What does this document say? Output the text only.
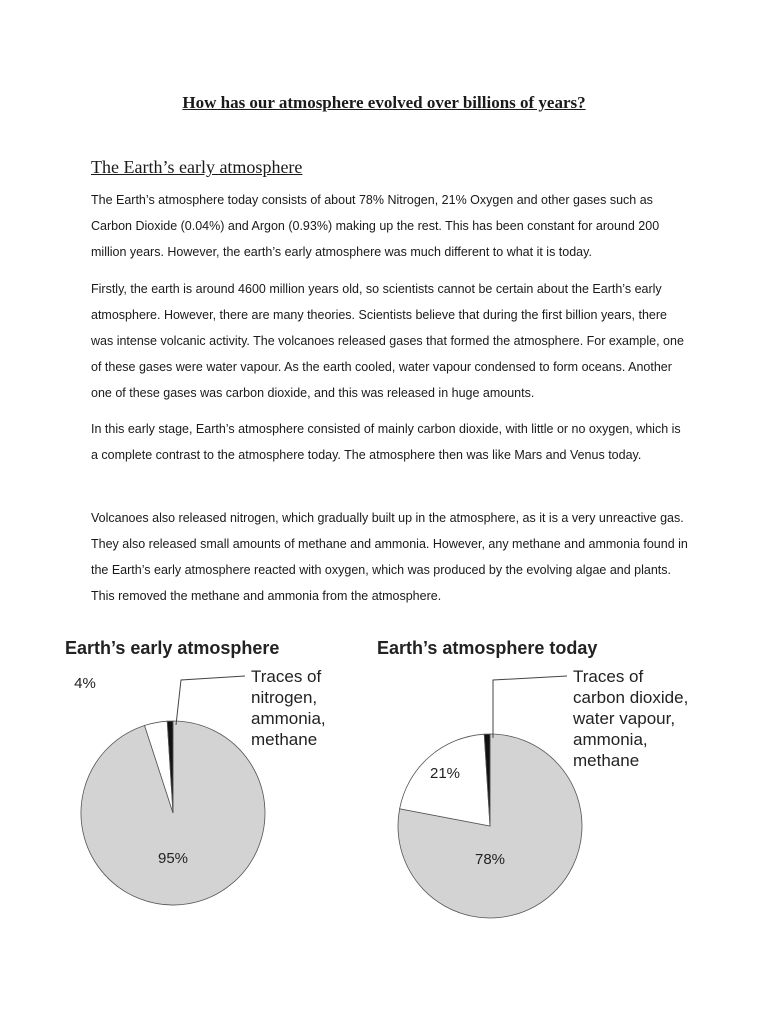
How has our atmosphere evolved over billions of years?
The Earth’s early atmosphere

The Earth’s atmosphere today consists of about 78% Nitrogen, 21% Oxygen and other gases such as Carbon Dioxide (0.04%) and Argon (0.93%) making up the rest. This has been constant for around 200 million years. However, the earth’s early atmosphere was much different to what it is today.

Firstly, the earth is around 4600 million years old, so scientists cannot be certain about the Earth’s early atmosphere. However, there are many theories. Scientists believe that during the first billion years, there was intense volcanic activity. The volcanoes released gases that formed the atmosphere. For example, one of these gases were water vapour. As the earth cooled, water vapour condensed to form oceans. Another one of these gases was carbon dioxide, and this was released in huge amounts.

In this early stage, Earth’s atmosphere consisted of mainly carbon dioxide, with little or no oxygen, which is a complete contrast to the atmosphere today. The atmosphere then was like Mars and Venus today.

Volcanoes also released nitrogen, which gradually built up in the atmosphere, as it is a very unreactive gas. They also released small amounts of methane and ammonia. However, any methane and ammonia found in the Earth’s early atmosphere reacted with oxygen, which was produced by the evolving algae and plants. This removed the methane and ammonia from the atmosphere.

Earth’s early atmosphere
Traces of
nitrogen,
ammonia,
methane
95%
4%
Earth’s atmosphere today
Traces of
carbon dioxide,
water vapour,
ammonia,
methane
78%
21%
